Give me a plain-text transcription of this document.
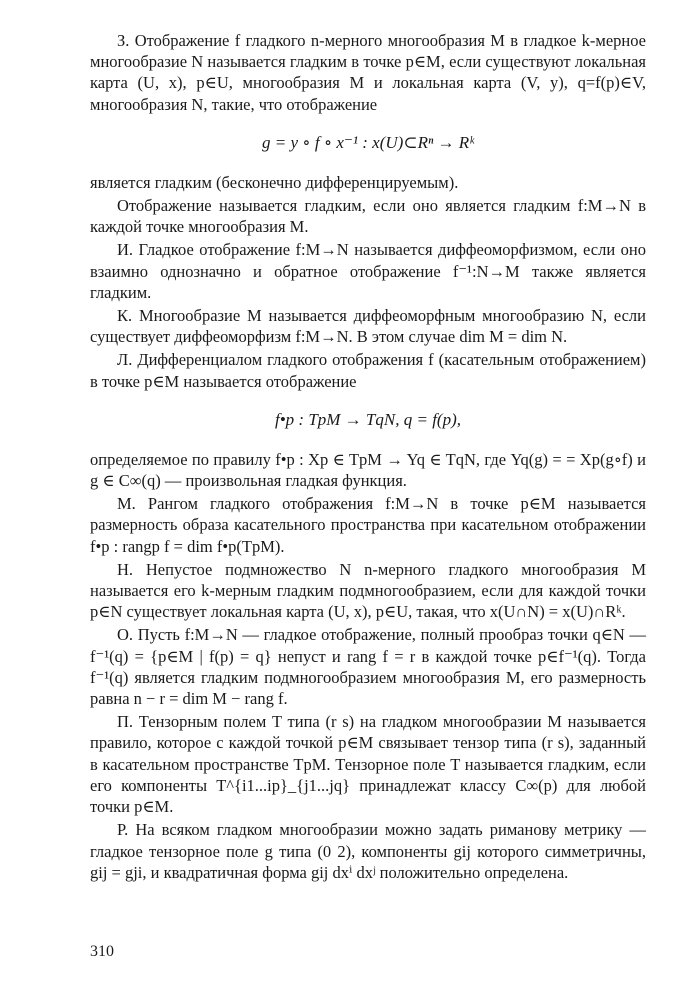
З. Отображение f гладкого n-мерного многообразия M в гладкое k-мерное многообразие N называется гладким в точке p∈M, если существуют локальная карта (U, x), p∈U, многообразия M и локальная карта (V, y), q=f(p)∈V, многообразия N, такие, что отображение

g = y ∘ f ∘ x⁻¹ : x(U)⊂Rⁿ → Rᵏ

является гладким (бесконечно дифференцируемым).

Отображение называется гладким, если оно является гладким f:M→N в каждой точке многообразия M.

И. Гладкое отображение f:M→N называется диффеоморфизмом, если оно взаимно однозначно и обратное отображение f⁻¹:N→M также является гладким.

К. Многообразие M называется диффеоморфным многообразию N, если существует диффеоморфизм f:M→N. В этом случае dim M = dim N.

Л. Дифференциалом гладкого отображения f (касательным отображением) в точке p∈M называется отображение

f•p : TpM → TqN, q = f(p),

определяемое по правилу f•p : Xp ∈ TpM → Yq ∈ TqN, где Yq(g) = = Xp(g∘f) и g ∈ C∞(q) — произвольная гладкая функция.

М. Рангом гладкого отображения f:M→N в точке p∈M называется размерность образа касательного пространства при касательном отображении f•p : rangp f = dim f•p(TpM).

Н. Непустое подмножество N n-мерного гладкого многообразия M называется его k-мерным гладким подмногообразием, если для каждой точки p∈N существует локальная карта (U, x), p∈U, такая, что x(U∩N) = x(U)∩Rᵏ.

О. Пусть f:M→N — гладкое отображение, полный прообраз точки q∈N — f⁻¹(q) = {p∈M | f(p) = q} непуст и rang f = r в каждой точке p∈f⁻¹(q). Тогда f⁻¹(q) является гладким подмногообразием многообразия M, его размерность равна n − r = dim M − rang f.

П. Тензорным полем T типа (r s) на гладком многообразии M называется правило, которое с каждой точкой p∈M связывает тензор типа (r s), заданный в касательном пространстве TpM. Тензорное поле T называется гладким, если его компоненты T^{i1...ip}_{j1...jq} принадлежат классу C∞(p) для любой точки p∈M.

Р. На всяком гладком многообразии можно задать риманову метрику — гладкое тензорное поле g типа (0 2), компоненты gij которого симметричны, gij = gji, и квадратичная форма gij dxⁱ dxʲ положительно определена.

310
